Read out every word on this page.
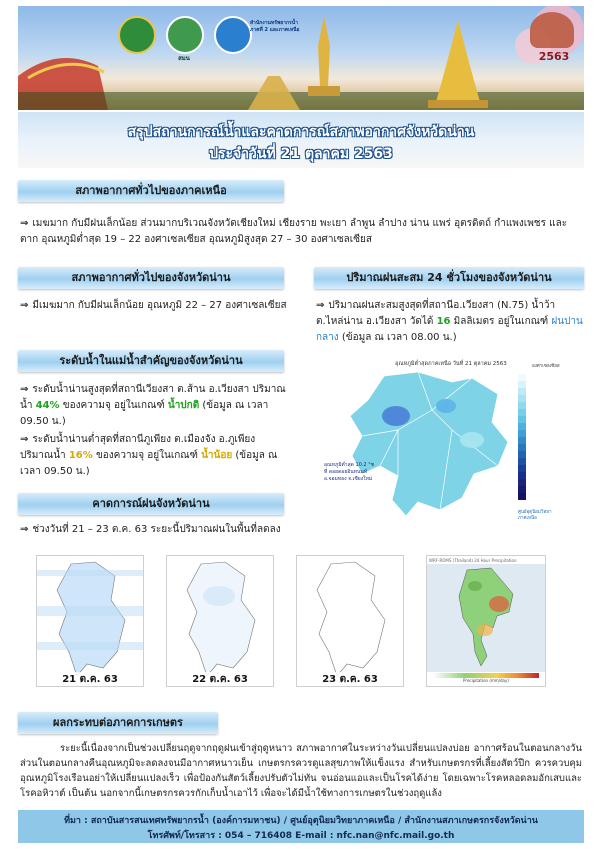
สมน
สำนักงานทรัพยากรน้ำ
ภาคที่ 2 และภาคเหนือ
2563
สรุปสถานการณ์น้ำและคาดการณ์สภาพอากาศจังหวัดน่าน
ประจำวันที่ 21 ตุลาคม 2563
สภาพอากาศทั่วไปของภาคเหนือ
⇒ เมฆมาก กับมีฝนเล็กน้อย ส่วนมากบริเวณจังหวัดเชียงใหม่ เชียงราย พะเยา ลำพูน ลำปาง น่าน แพร่ อุตรดิตถ์ กำแพงเพชร และตาก อุณหภูมิต่ำสุด 19 – 22 องศาเซลเซียส อุณหภูมิสูงสุด 27 – 30 องศาเซลเซียส
สภาพอากาศทั่วไปของจังหวัดน่าน
⇒ มีเมฆมาก กับมีฝนเล็กน้อย อุณหภูมิ 22 – 27 องศาเซลเซียส
ปริมาณฝนสะสม 24 ชั่วโมงของจังหวัดน่าน
⇒ ปริมาณฝนสะสมสูงสุดที่สถานีอ.เวียงสา (N.75) น้ำว้า ต.ไหล่น่าน อ.เวียงสา วัดได้ 16 มิลลิเมตร อยู่ในเกณฑ์ ฝนปานกลาง (ข้อมูล ณ เวลา 08.00 น.)
อุณหภูมิต่ำสุดภาคเหนือ วันที่ 21 ตุลาคม 2563
อุณหภูมิต่ำสุด 10.2 °ซ
ที่ ดอยดอยอินทนนท์
อ.จอมทอง จ.เชียงใหม่
องศาเซลเซียส
ศูนย์อุตุนิยมวิทยา
ภาคเหนือ
ระดับน้ำในแม่น้ำสำคัญของจังหวัดน่าน
⇒ ระดับน้ำน่านสูงสุดที่สถานีเวียงสา ต.ส้าน อ.เวียงสา ปริมาณน้ำ 44% ของความจุ อยู่ในเกณฑ์ น้ำปกติ (ข้อมูล ณ เวลา 09.50 น.)
⇒ ระดับน้ำน่านต่ำสุดที่สถานีภูเพียง ต.เมืองจัง อ.ภูเพียง ปริมาณน้ำ 16% ของความจุ อยู่ในเกณฑ์ น้ำน้อย (ข้อมูล ณ เวลา 09.50 น.)
คาดการณ์ฝนจังหวัดน่าน
⇒ ช่วงวันที่ 21 – 23 ต.ค. 63 ระยะนี้ปริมาณฝนในพื้นที่ลดลง
21 ต.ค. 63	22 ต.ค. 63	23 ต.ค. 63
WRF-ROMS (Thailand) 24 Hour Precipitation
Precipitation (mm/day)
ผลกระทบต่อภาคการเกษตร
ระยะนี้เนื่องจากเป็นช่วงเปลี่ยนฤดูจากฤดูฝนเข้าสู่ฤดูหนาว สภาพอากาศในระหว่างวันเปลี่ยนแปลงบ่อย อากาศร้อนในตอนกลางวัน ส่วนในตอนกลางคืนอุณหภูมิจะลดลงจนมีอากาศหนาวเย็น เกษตรกรควรดูแลสุขภาพให้แข็งแรง สำหรับเกษตรกรที่เลี้ยงสัตว์ปีก ควรควบคุมอุณหภูมิโรงเรือนอย่าให้เปลี่ยนแปลงเร็ว เพื่อป้องกันสัตว์เลี้ยงปรับตัวไม่ทัน จนอ่อนแอและเป็นโรคได้ง่าย โดยเฉพาะโรคหลอดลมอักเสบและโรคอหิวาต์ เป็นต้น นอกจากนี้เกษตรกรควรกักเก็บน้ำเอาไว้ เพื่อจะได้มีน้ำใช้ทางการเกษตรในช่วงฤดูแล้ง
ที่มา : สถาบันสารสนเทศทรัพยากรน้ำ (องค์การมหาชน) / ศูนย์อุตุนิยมวิทยาภาคเหนือ / สำนักงานสภาเกษตรกรจังหวัดน่าน
โทรศัพท์/โทรสาร : 054 – 716408 E-mail : nfc.nan@nfc.mail.go.th
